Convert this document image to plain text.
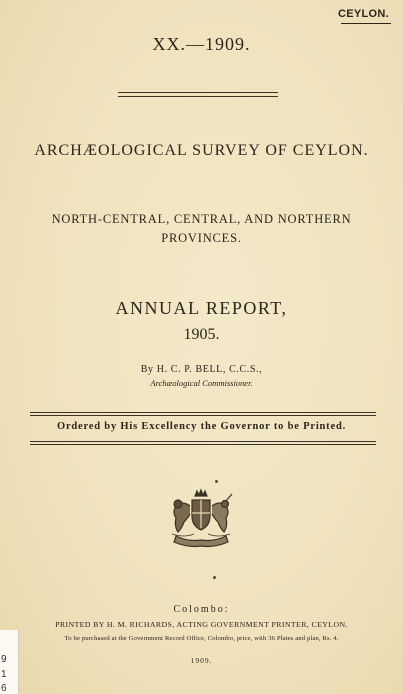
CEYLON.
XX.—1909.
ARCHÆOLOGICAL SURVEY OF CEYLON.
NORTH-CENTRAL, CENTRAL, AND NORTHERN
PROVINCES.
ANNUAL REPORT,
1905.
By H. C. P. BELL, C.C.S.,
Archæological Commissioner.
Ordered by His Excellency the Governor to be Printed.
Colombo:
PRINTED BY H. M. RICHARDS, ACTING GOVERNMENT PRINTER, CEYLON.
To be purchased at the Government Record Office, Colombo, price, with 36 Plates and plan, Rs. 4.
1909.
9
1
6
